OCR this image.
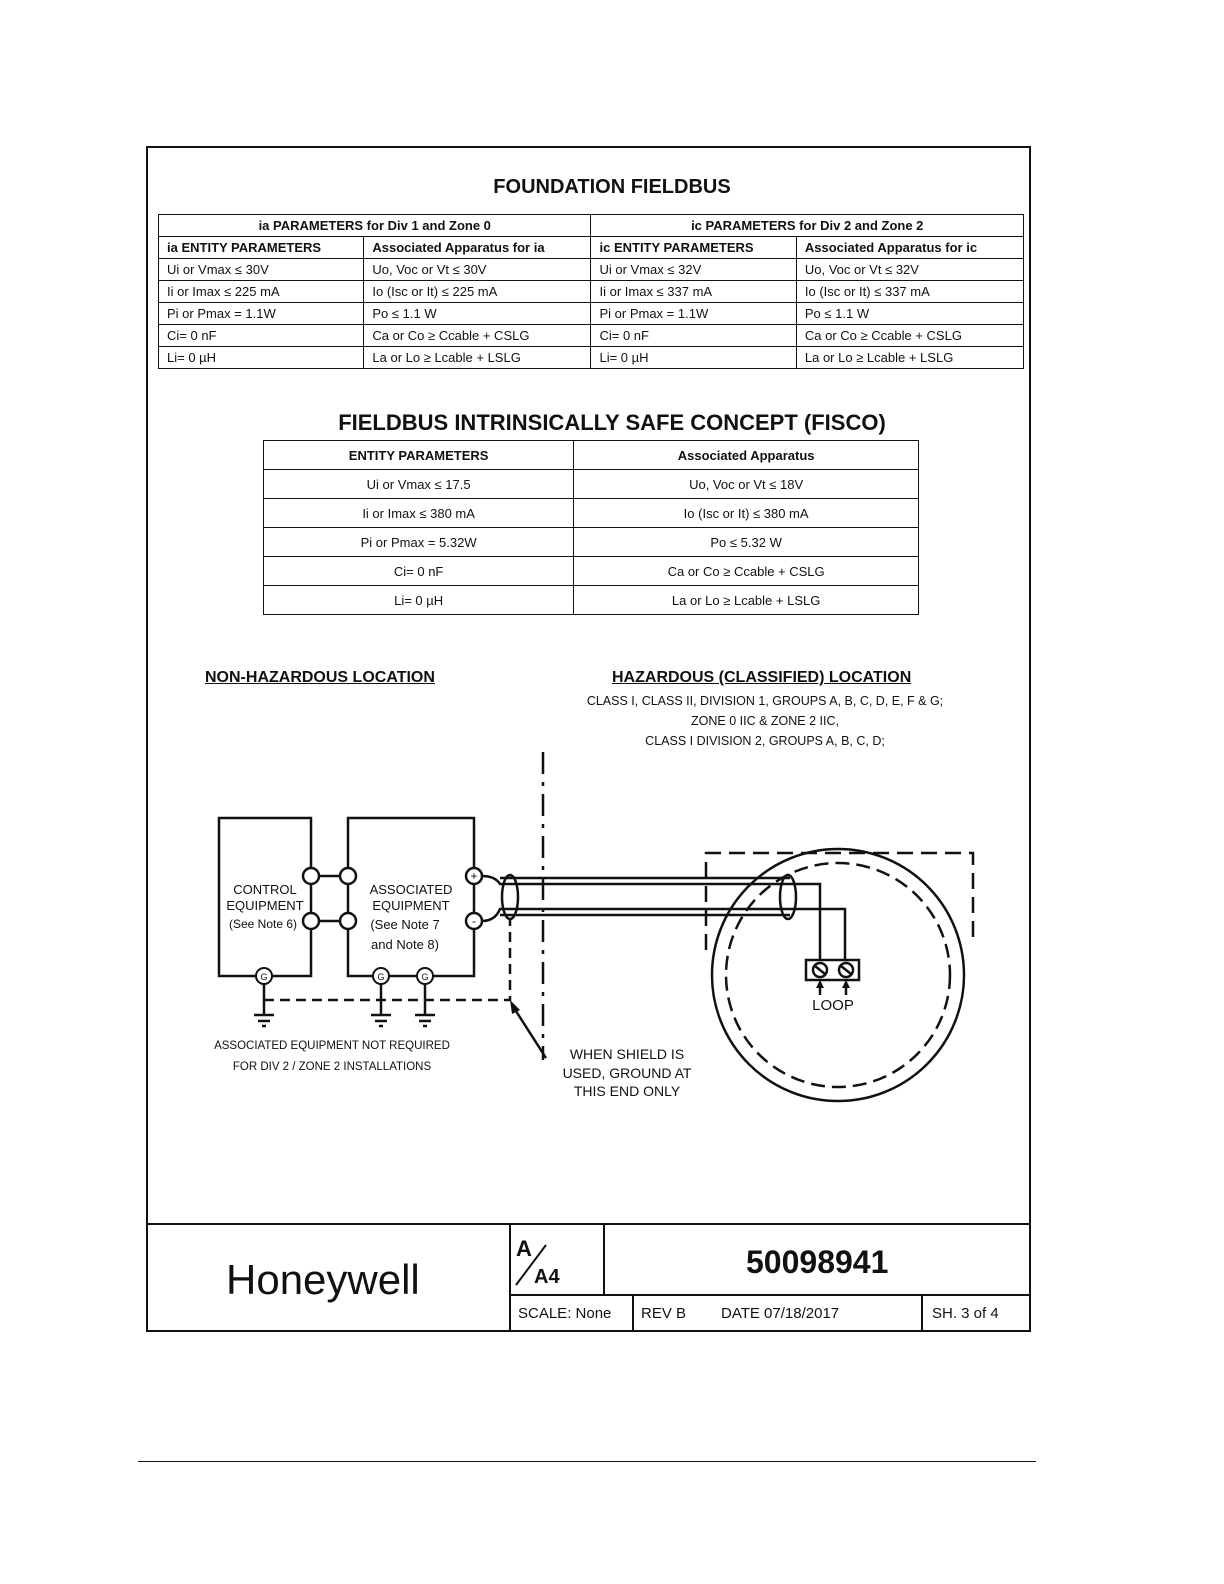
FOUNDATION FIELDBUS
ia PARAMETERS for Div 1 and Zone 0		ic PARAMETERS for Div 2 and Zone 2	
ia ENTITY PARAMETERS	Associated Apparatus for ia	ic ENTITY PARAMETERS	Associated Apparatus for ic
Ui or Vmax ≤ 30V	Uo, Voc or Vt ≤ 30V	Ui or Vmax ≤ 32V	Uo, Voc or Vt ≤ 32V
Ii or Imax ≤ 225 mA	Io (Isc or It) ≤ 225 mA	Ii or Imax ≤ 337 mA	Io (Isc or It) ≤ 337 mA
Pi or Pmax = 1.1W	Po ≤ 1.1 W	Pi or Pmax = 1.1W	Po ≤ 1.1 W
Ci= 0 nF	Ca or Co ≥ Ccable + CSLG	Ci= 0 nF	Ca or Co ≥ Ccable + CSLG
Li= 0 µH	La or Lo ≥ Lcable + LSLG	Li= 0 µH	La or Lo ≥ Lcable + LSLG
FIELDBUS INTRINSICALLY SAFE CONCEPT (FISCO)
ENTITY PARAMETERS	Associated Apparatus
Ui or Vmax ≤ 17.5	Uo, Voc or Vt ≤ 18V
Ii or Imax ≤ 380 mA	Io (Isc or It) ≤ 380 mA
Pi or Pmax = 5.32W	Po ≤ 5.32 W
Ci= 0 nF	Ca or Co ≥ Ccable + CSLG
Li= 0 µH	La or Lo ≥ Lcable + LSLG
NON-HAZARDOUS LOCATION	HAZARDOUS (CLASSIFIED) LOCATION
CLASS I, CLASS II, DIVISION 1, GROUPS A, B, C, D, E, F & G;
ZONE 0 IIC & ZONE 2 IIC,
CLASS I DIVISION 2, GROUPS A, B, C, D;
G	G	G
+
-
CONTROL
EQUIPMENT
(See Note 6)
ASSOCIATED
EQUIPMENT
(See Note 7
and Note 8)
LOOP
WHEN SHIELD IS
USED, GROUND AT
THIS END ONLY
ASSOCIATED EQUIPMENT NOT REQUIRED
FOR DIV 2 / ZONE 2 INSTALLATIONS
Honeywell
A
A4	50098941
SCALE: None REV B DATE 07/18/2017	SH. 3 of 4
